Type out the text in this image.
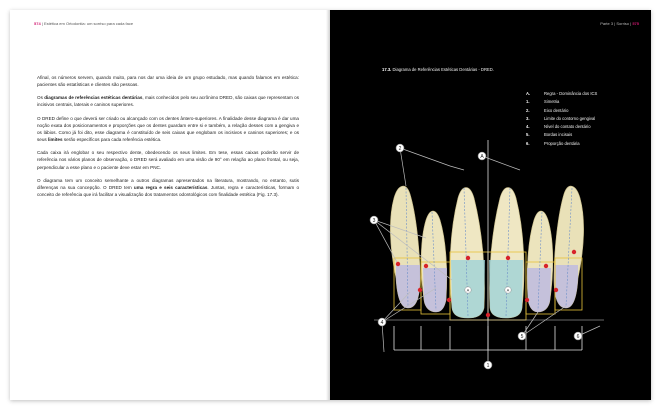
574 | Estética em Ortodontia: um sorriso para cada face

Afinal, os números servem, quando muito, para nos dar uma ideia de um grupo estudado, mas quando falamos em estética: pacientes são estatísticas e clientes são pessoas.

Os diagramas de referências estéticas dentárias, mais conhecidos pelo seu acrônimo DRED, são caixas que representam os incisivos centrais, laterais e caninos superiores.

O DRED define o que deverá ser criado ou alcançado com os dentes ântero-superiores. A finalidade desse diagrama é dar uma noção exata dos posicionamentos e proporções que os dentes guardam entre si e também, a relação desses com a gengiva e os lábios. Como já foi dito, esse diagrama é constituído de seis caixas que englobam os incisivos e caninos superiores; e os seus limites serão específicos para cada referência estética.

Cada caixa irá englobar o seu respectivo dente, obedecendo os seus limites. Em tese, essas caixas poderão servir de referência nos vários planos de observação, o DRED será avaliado em uma visão de 90° em relação ao plano frontal, ou seja, perpendicular a esse plano e o paciente deve estar em PNC.

O diagrama tem um conceito semelhante a outros diagramas apresentados na literatura, mostrando, no entanto, sutis diferenças na sua concepção. O DRED tem uma regra e seis características. Juntas, regra e características, formam o conceito de referência que irá facilitar a visualização dos tratamentos odontológicos com finalidade estética (Fig. 17.3).

Parte 3 | Sorriso | 575
17.3. Diagrama de Referências Estéticas Dentárias - DRED.
A.	Regra - Dominância dos ICS
1.	Simetria
2.	Eixo dentário
3.	Limite do contorno gengival
4.	Nível do contato dentário
5.	Bordas incisais
6.	Proporção dentária
A	A
2
3
1
A
4
5	6
